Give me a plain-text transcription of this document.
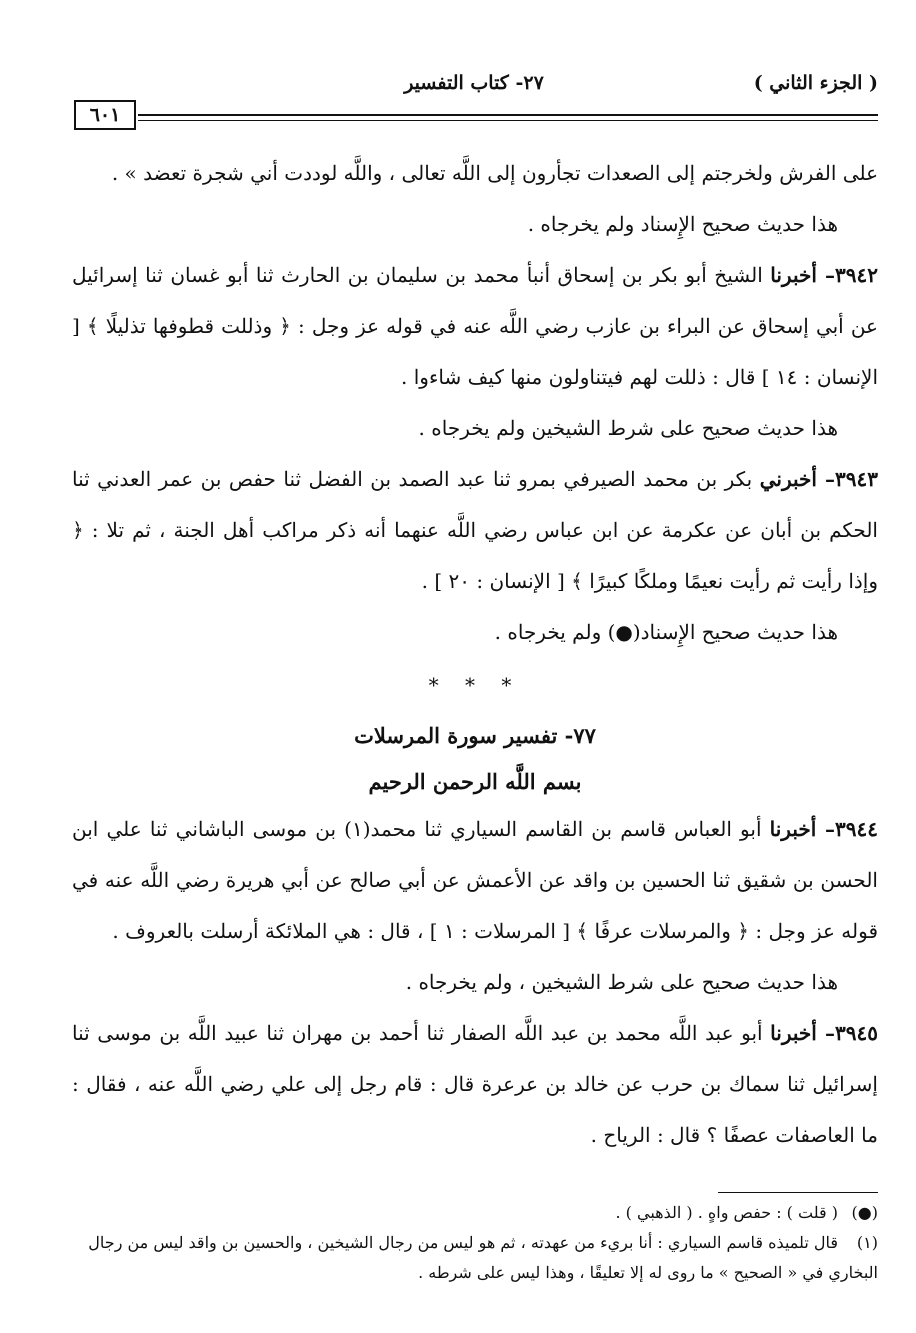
( الجزء الثاني )
٢٧- كتاب التفسير
٦٠١

على الفرش ولخرجتم إلى الصعدات تجأرون إلى اللَّه تعالى ، واللَّه لوددت أني شجرة تعضد » .

هذا حديث صحيح الإِسناد ولم يخرجاه .

٣٩٤٢– أخبرنا الشيخ أبو بكر بن إسحاق أنبأ محمد بن سليمان بن الحارث ثنا أبو غسان ثنا إسرائيل عن أبي إسحاق عن البراء بن عازب رضي اللَّه عنه في قوله عز وجل : ﴿ وذللت قطوفها تذليلًا ﴾ [ الإنسان : ١٤ ] قال : ذللت لهم فيتناولون منها كيف شاءوا .

هذا حديث صحيح على شرط الشيخين ولم يخرجاه .

٣٩٤٣– أخبرني بكر بن محمد الصيرفي بمرو ثنا عبد الصمد بن الفضل ثنا حفص بن عمر العدني ثنا الحكم بن أبان عن عكرمة عن ابن عباس رضي اللَّه عنهما أنه ذكر مراكب أهل الجنة ، ثم تلا : ﴿ وإذا رأيت ثم رأيت نعيمًا وملكًا كبيرًا ﴾ [ الإنسان : ٢٠ ] .

هذا حديث صحيح الإِسناد(●) ولم يخرجاه .

* * *

٧٧- تفسير سورة المرسلات

بسم اللَّه الرحمن الرحيم

٣٩٤٤– أخبرنا أبو العباس قاسم بن القاسم السياري ثنا محمد(١) بن موسى الباشاني ثنا علي ابن الحسن بن شقيق ثنا الحسين بن واقد عن الأعمش عن أبي صالح عن أبي هريرة رضي اللَّه عنه في قوله عز وجل : ﴿ والمرسلات عرفًا ﴾ [ المرسلات : ١ ] ، قال : هي الملائكة أرسلت بالعروف .

هذا حديث صحيح على شرط الشيخين ، ولم يخرجاه .

٣٩٤٥– أخبرنا أبو عبد اللَّه محمد بن عبد اللَّه الصفار ثنا أحمد بن مهران ثنا عبيد اللَّه بن موسى ثنا إسرائيل ثنا سماك بن حرب عن خالد بن عرعرة قال : قام رجل إلى علي رضي اللَّه عنه ، فقال : ما العاصفات عصفًا ؟ قال : الرياح .

(●)( قلت ) : حفص واهٍ . ( الذهبي ) .

(١)قال تلميذه قاسم السياري : أنا بريء من عهدته ، ثم هو ليس من رجال الشيخين ، والحسين بن واقد ليس من رجال البخاري في « الصحيح » ما روى له إلا تعليقًا ، وهذا ليس على شرطه .
